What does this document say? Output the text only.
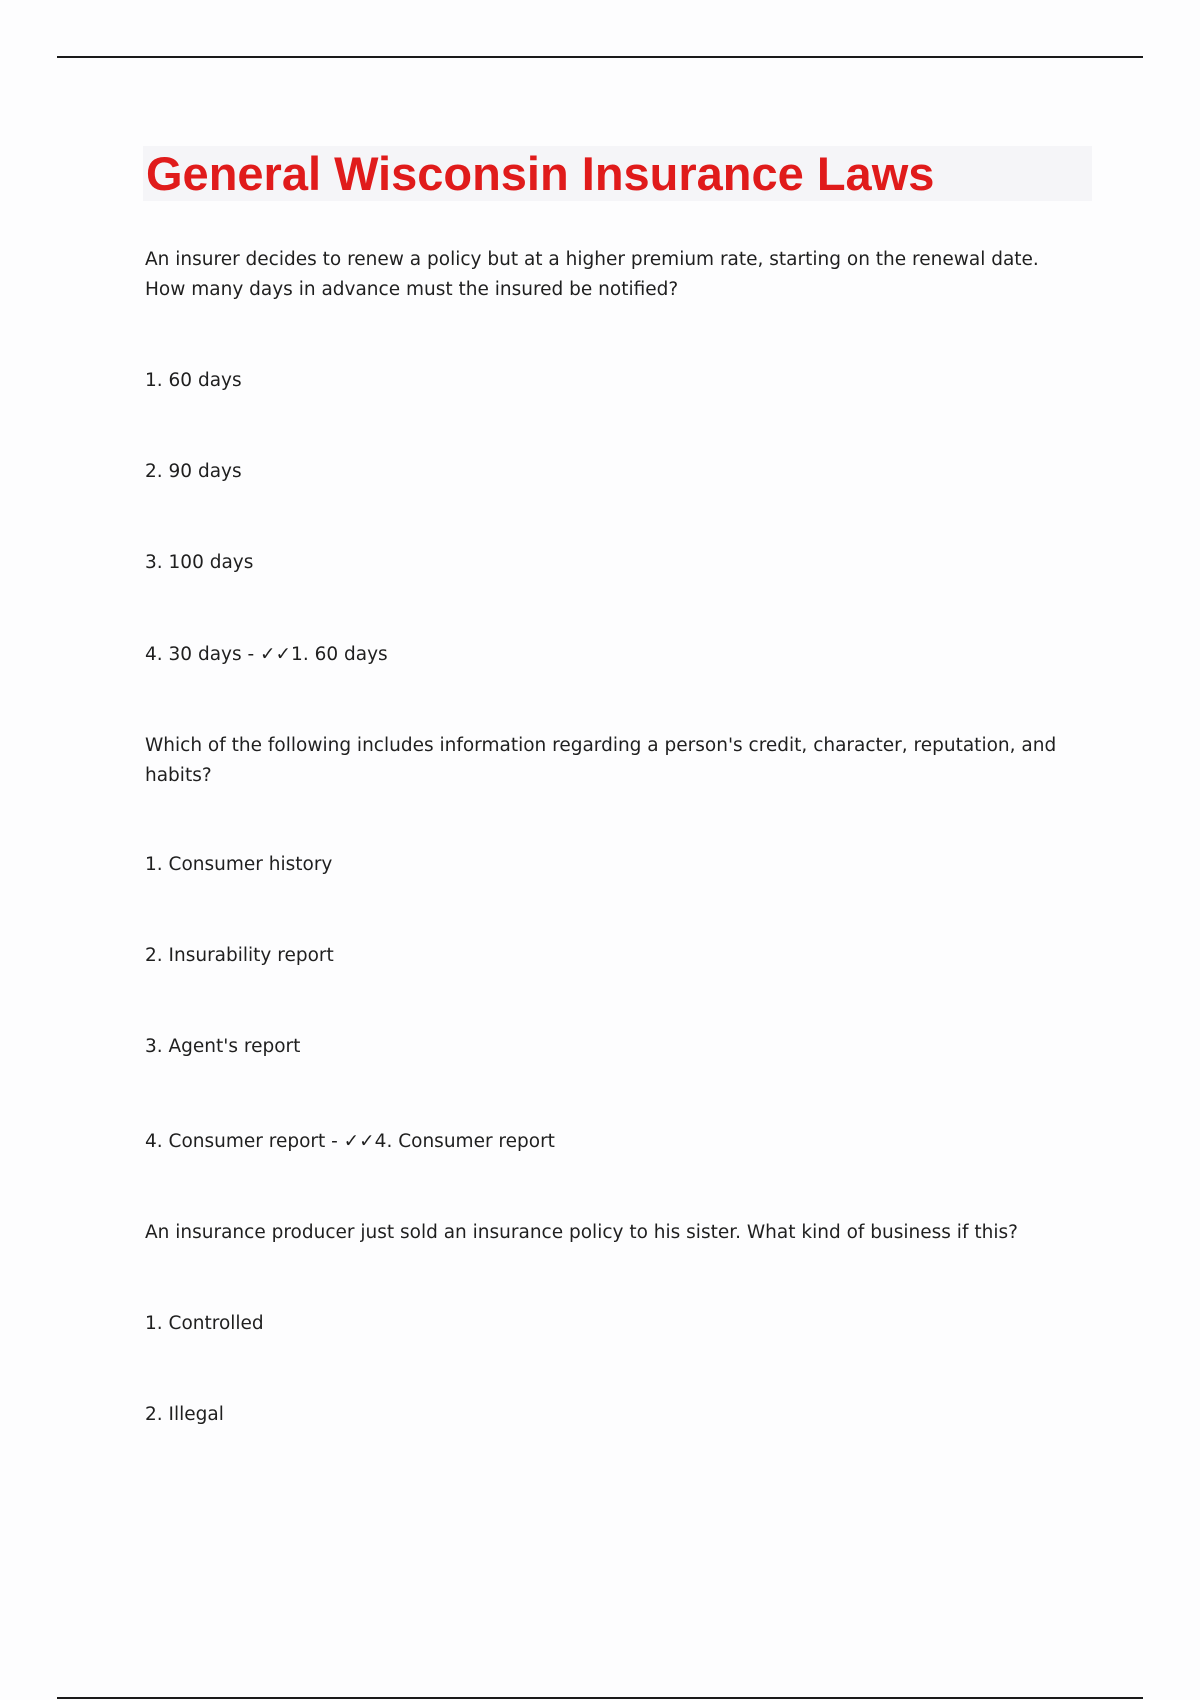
General Wisconsin Insurance Laws

An insurer decides to renew a policy but at a higher premium rate, starting on the renewal date. How many days in advance must the insured be notified?

1. 60 days

2. 90 days

3. 100 days

4. 30 days - ✓✓1. 60 days

Which of the following includes information regarding a person's credit, character, reputation, and habits?

1. Consumer history

2. Insurability report

3. Agent's report

4. Consumer report - ✓✓4. Consumer report

An insurance producer just sold an insurance policy to his sister. What kind of business if this?

1. Controlled

2. Illegal
